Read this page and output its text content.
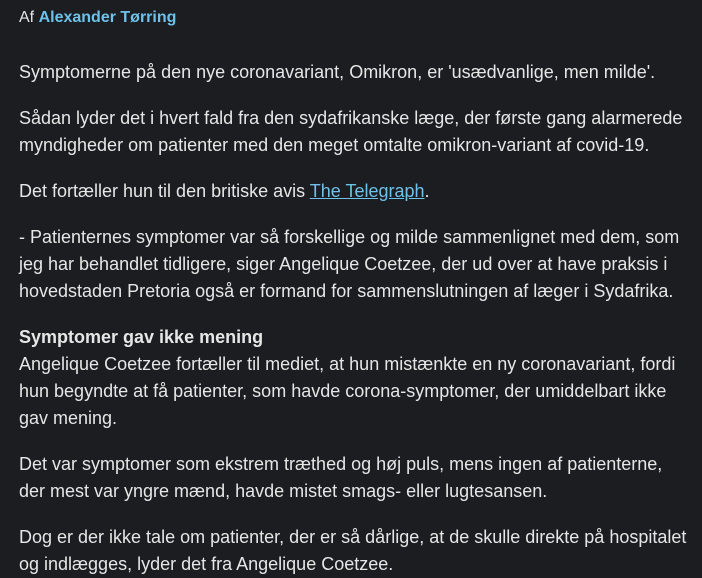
Af Alexander Tørring

Symptomerne på den nye coronavariant, Omikron, er 'usædvanlige, men milde'.

Sådan lyder det i hvert fald fra den sydafrikanske læge, der første gang alarmerede myndigheder om patienter med den meget omtalte omikron-variant af covid-19.

Det fortæller hun til den britiske avis The Telegraph.

- Patienternes symptomer var så forskellige og milde sammenlignet med dem, som jeg har behandlet tidligere, siger Angelique Coetzee, der ud over at have praksis i hovedstaden Pretoria også er formand for sammenslutningen af læger i Sydafrika.

Symptomer gav ikke mening

Angelique Coetzee fortæller til mediet, at hun mistænkte en ny coronavariant, fordi hun begyndte at få patienter, som havde corona-symptomer, der umiddelbart ikke gav mening.

Det var symptomer som ekstrem træthed og høj puls, mens ingen af patienterne, der mest var yngre mænd, havde mistet smags- eller lugtesansen.

Dog er der ikke tale om patienter, der er så dårlige, at de skulle direkte på hospitalet og indlægges, lyder det fra Angelique Coetzee.
